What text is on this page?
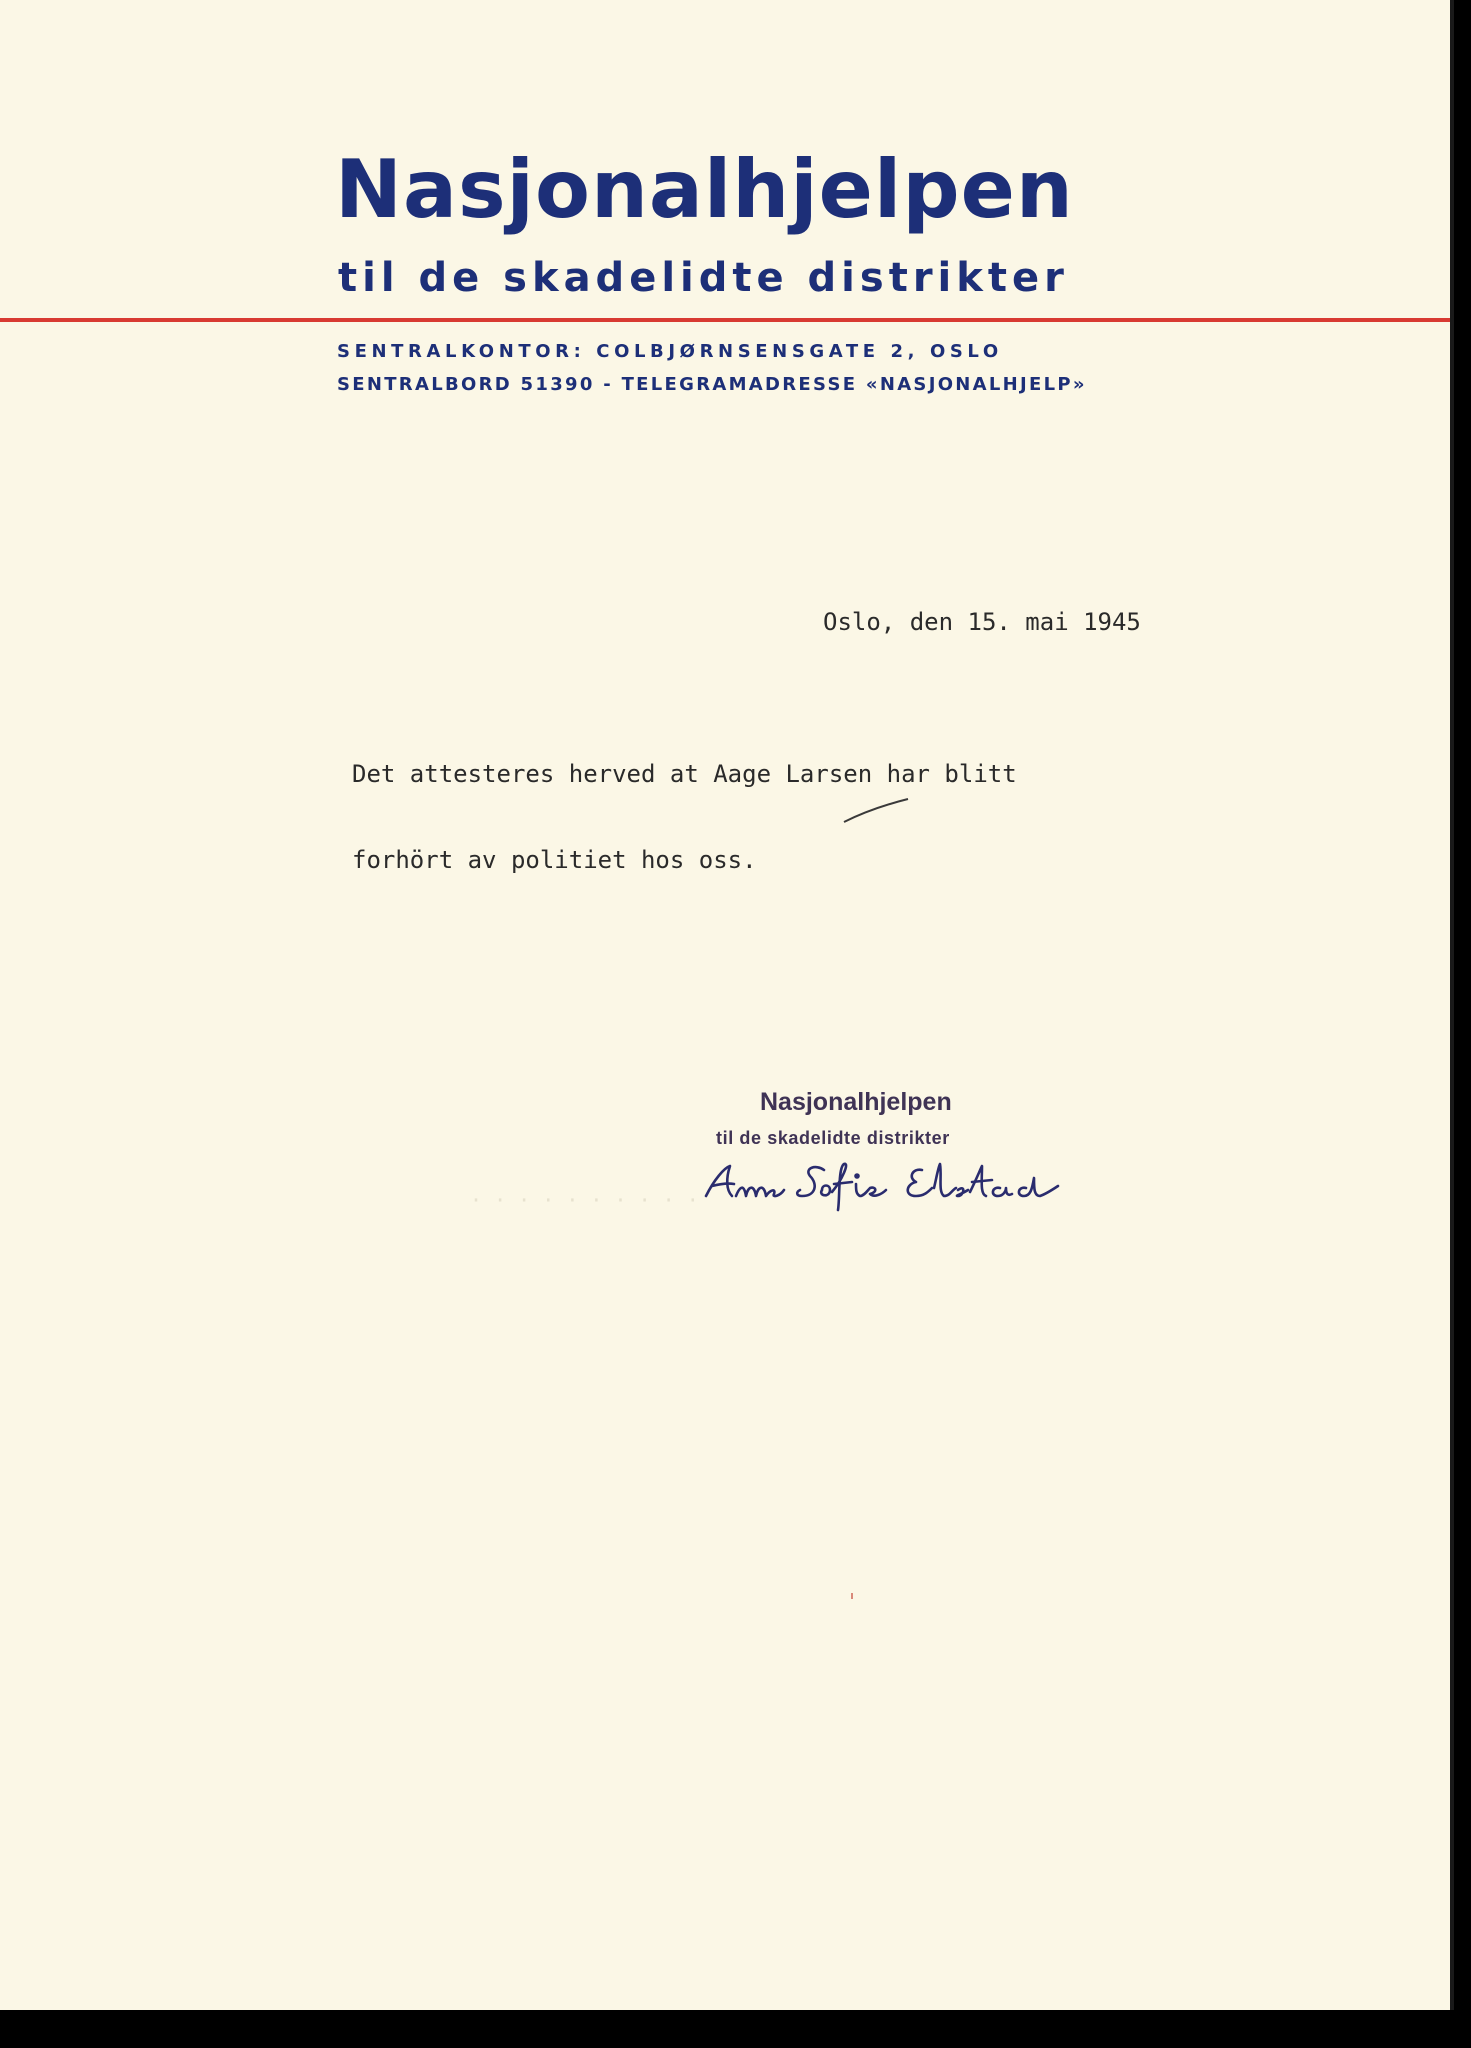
Nasjonalhjelpen
til de skadelidte distrikter
SENTRALKONTOR: COLBJØRNSENSGATE 2, OSLO
SENTRALBORD 51390 - TELEGRAMADRESSE «NASJONALHJELP»
Oslo, den 15. mai 1945
Det attesteres herved at Aage Larsen har blitt
forhört av politiet hos oss.
Nasjonalhjelpen
til de skadelidte distrikter
· · · · · · · · · ·
